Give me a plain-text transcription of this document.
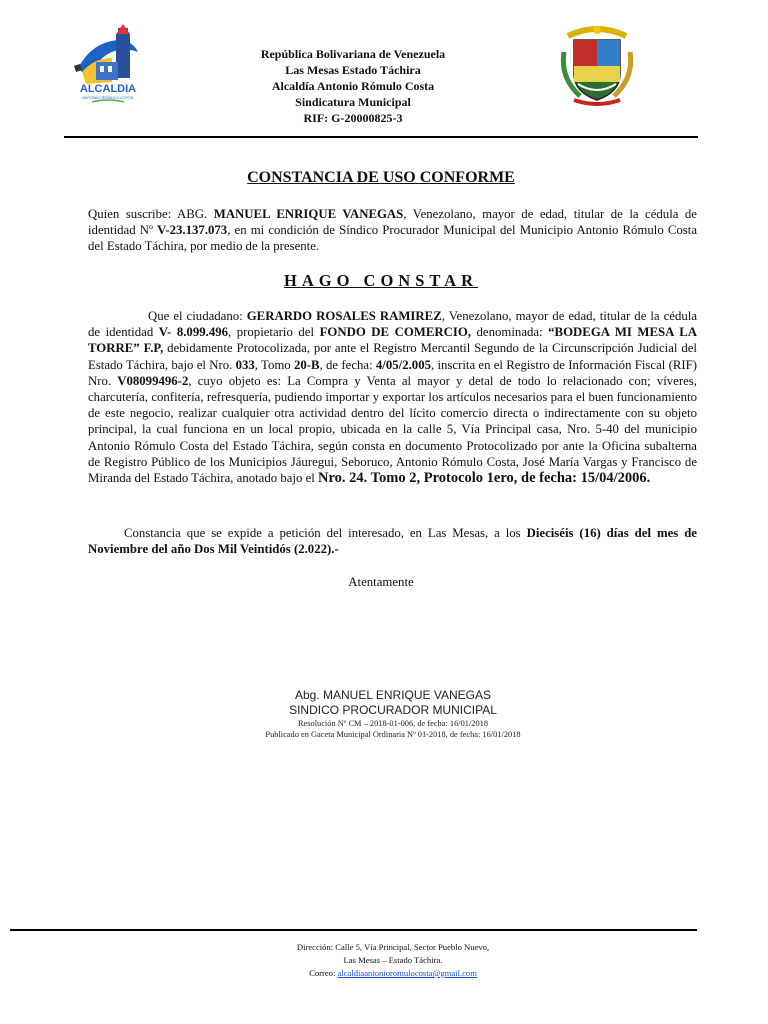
ALCALDIA
ANTONIO RÓMULO COSTA
República Bolivariana de Venezuela
Las Mesas Estado Táchira
Alcaldía Antonio Rómulo Costa
Sindicatura Municipal
RIF: G-20000825-3
CONSTANCIA DE USO CONFORME
Quien suscribe: ABG. MANUEL ENRIQUE VANEGAS, Venezolano, mayor de edad, titular de la cédula de identidad Nº V-23.137.073, en mi condición de Síndico Procurador Municipal del Municipio Antonio Rómulo Costa del Estado Táchira, por medio de la presente.
HAGO CONSTAR
Que el ciudadano: GERARDO ROSALES RAMIREZ, Venezolano, mayor de edad, titular de la cédula de identidad V- 8.099.496, propietario del FONDO DE COMERCIO, denominada: “BODEGA MI MESA LA TORRE” F.P, debidamente Protocolizada, por ante el Registro Mercantil Segundo de la Circunscripción Judicial del Estado Táchira, bajo el Nro. 033, Tomo 20-B, de fecha: 4/05/2.005, inscrita en el Registro de Información Fiscal (RIF) Nro. V08099496-2, cuyo objeto es: La Compra y Venta al mayor y detal de todo lo relacionado con; víveres, charcutería, confitería, refresquería, pudiendo importar y exportar los artículos necesarios para el buen funcionamiento de este negocio, realizar cualquier otra actividad dentro del lícito comercio directa o indirectamente con su objeto principal, la cual funciona en un local propio, ubicada en la calle 5, Vía Principal casa, Nro. 5-40 del municipio Antonio Rómulo Costa del Estado Táchira, según consta en documento Protocolizado por ante la Oficina subalterna de Registro Público de los Municipios Jáuregui, Seboruco, Antonio Rómulo Costa, José María Vargas y Francisco de Miranda del Estado Táchira, anotado bajo el Nro. 24. Tomo 2, Protocolo 1ero, de fecha: 15/04/2006.
Constancia que se expide a petición del interesado, en Las Mesas, a los Dieciséis (16) días del mes de Noviembre del año Dos Mil Veintidós (2.022).-
Atentamente
Abg. MANUEL ENRIQUE VANEGAS
SINDICO PROCURADOR MUNICIPAL
Resolución Nº CM – 2018-01-006, de fecha: 16/01/2018
Publicado en Gaceta Municipal Ordinaria Nº 01-2018, de fecha: 16/01/2018
Dirección: Calle 5, Vía Principal, Sector Pueblo Nuevo,
Las Mesas – Estado Táchira.
Correo: alcaldiaantonioromulocosta@gmail.com
